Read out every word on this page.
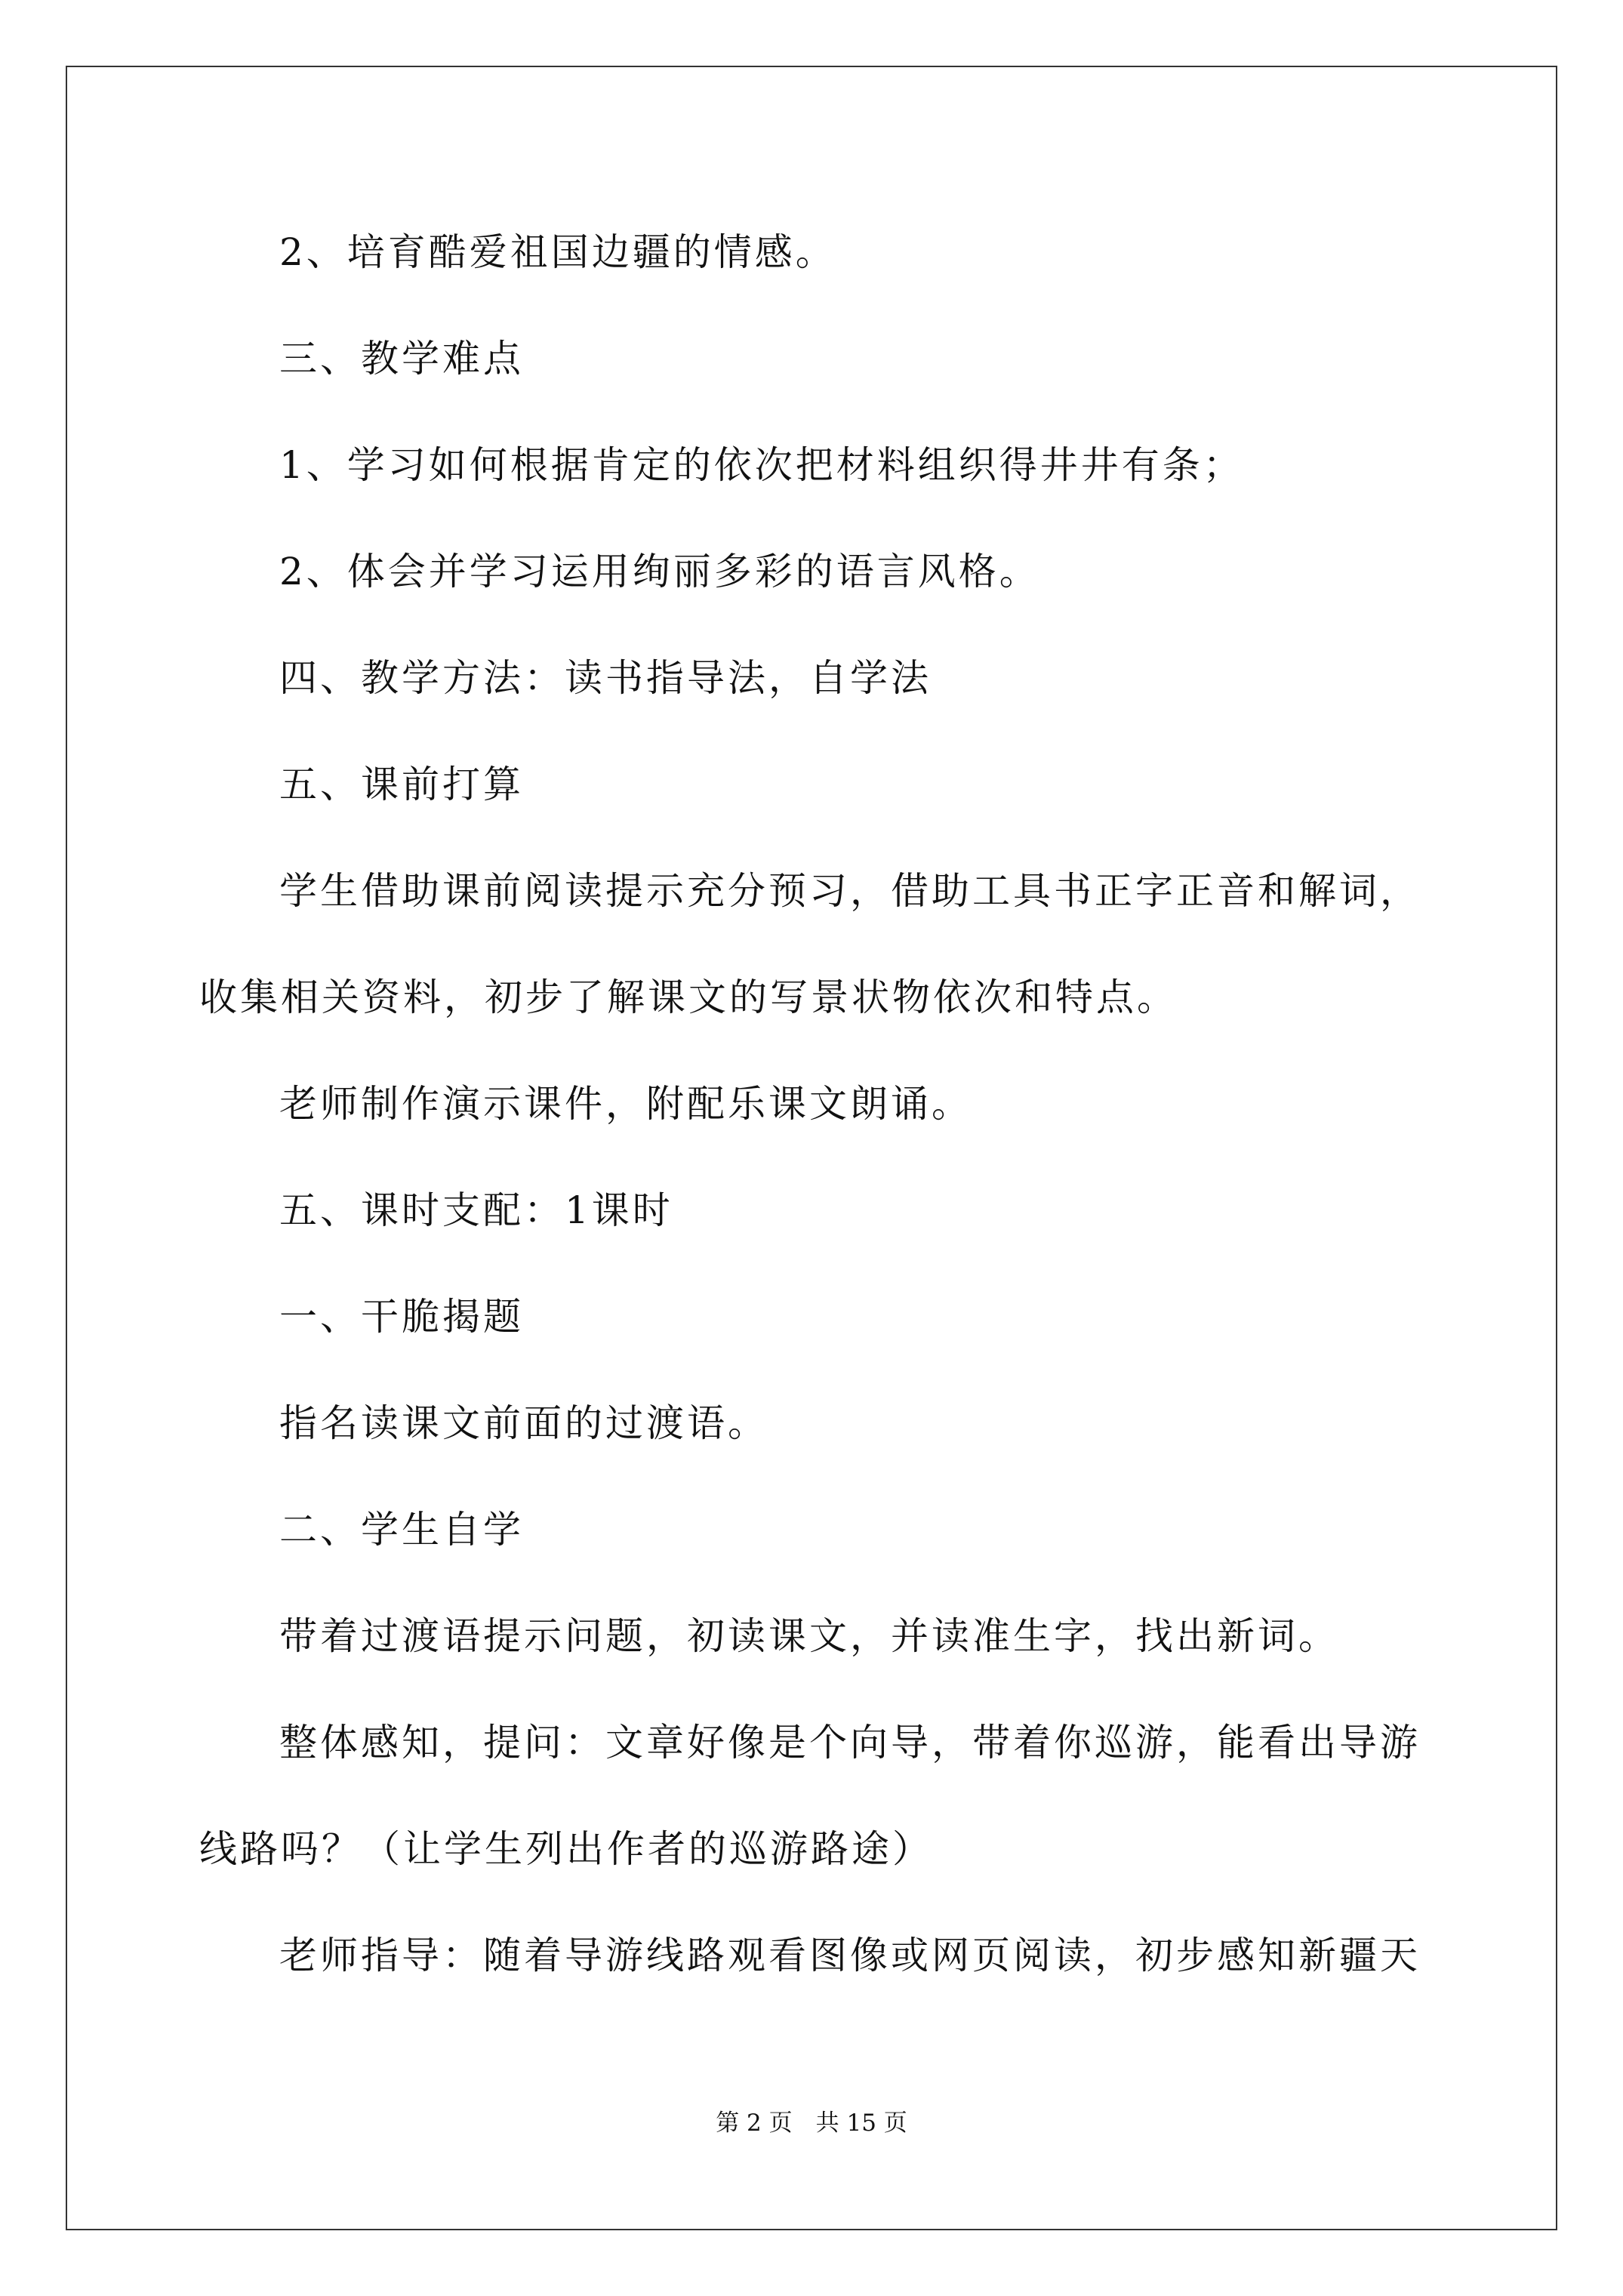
2、培育酷爱祖国边疆的情感。
三、教学难点
1、学习如何根据肯定的依次把材料组织得井井有条；
2、体会并学习运用绚丽多彩的语言风格。
四、教学方法：读书指导法，自学法
五、课前打算
学生借助课前阅读提示充分预习，借助工具书正字正音和解词，
收集相关资料，初步了解课文的写景状物依次和特点。
老师制作演示课件，附配乐课文朗诵。
五、课时支配：1课时
一、干脆揭题
指名读课文前面的过渡语。
二、学生自学
带着过渡语提示问题，初读课文，并读准生字，找出新词。
整体感知，提问：文章好像是个向导，带着你巡游，能看出导游
线路吗？（让学生列出作者的巡游路途）
老师指导：随着导游线路观看图像或网页阅读，初步感知新疆天
第 2 页　共 15 页
